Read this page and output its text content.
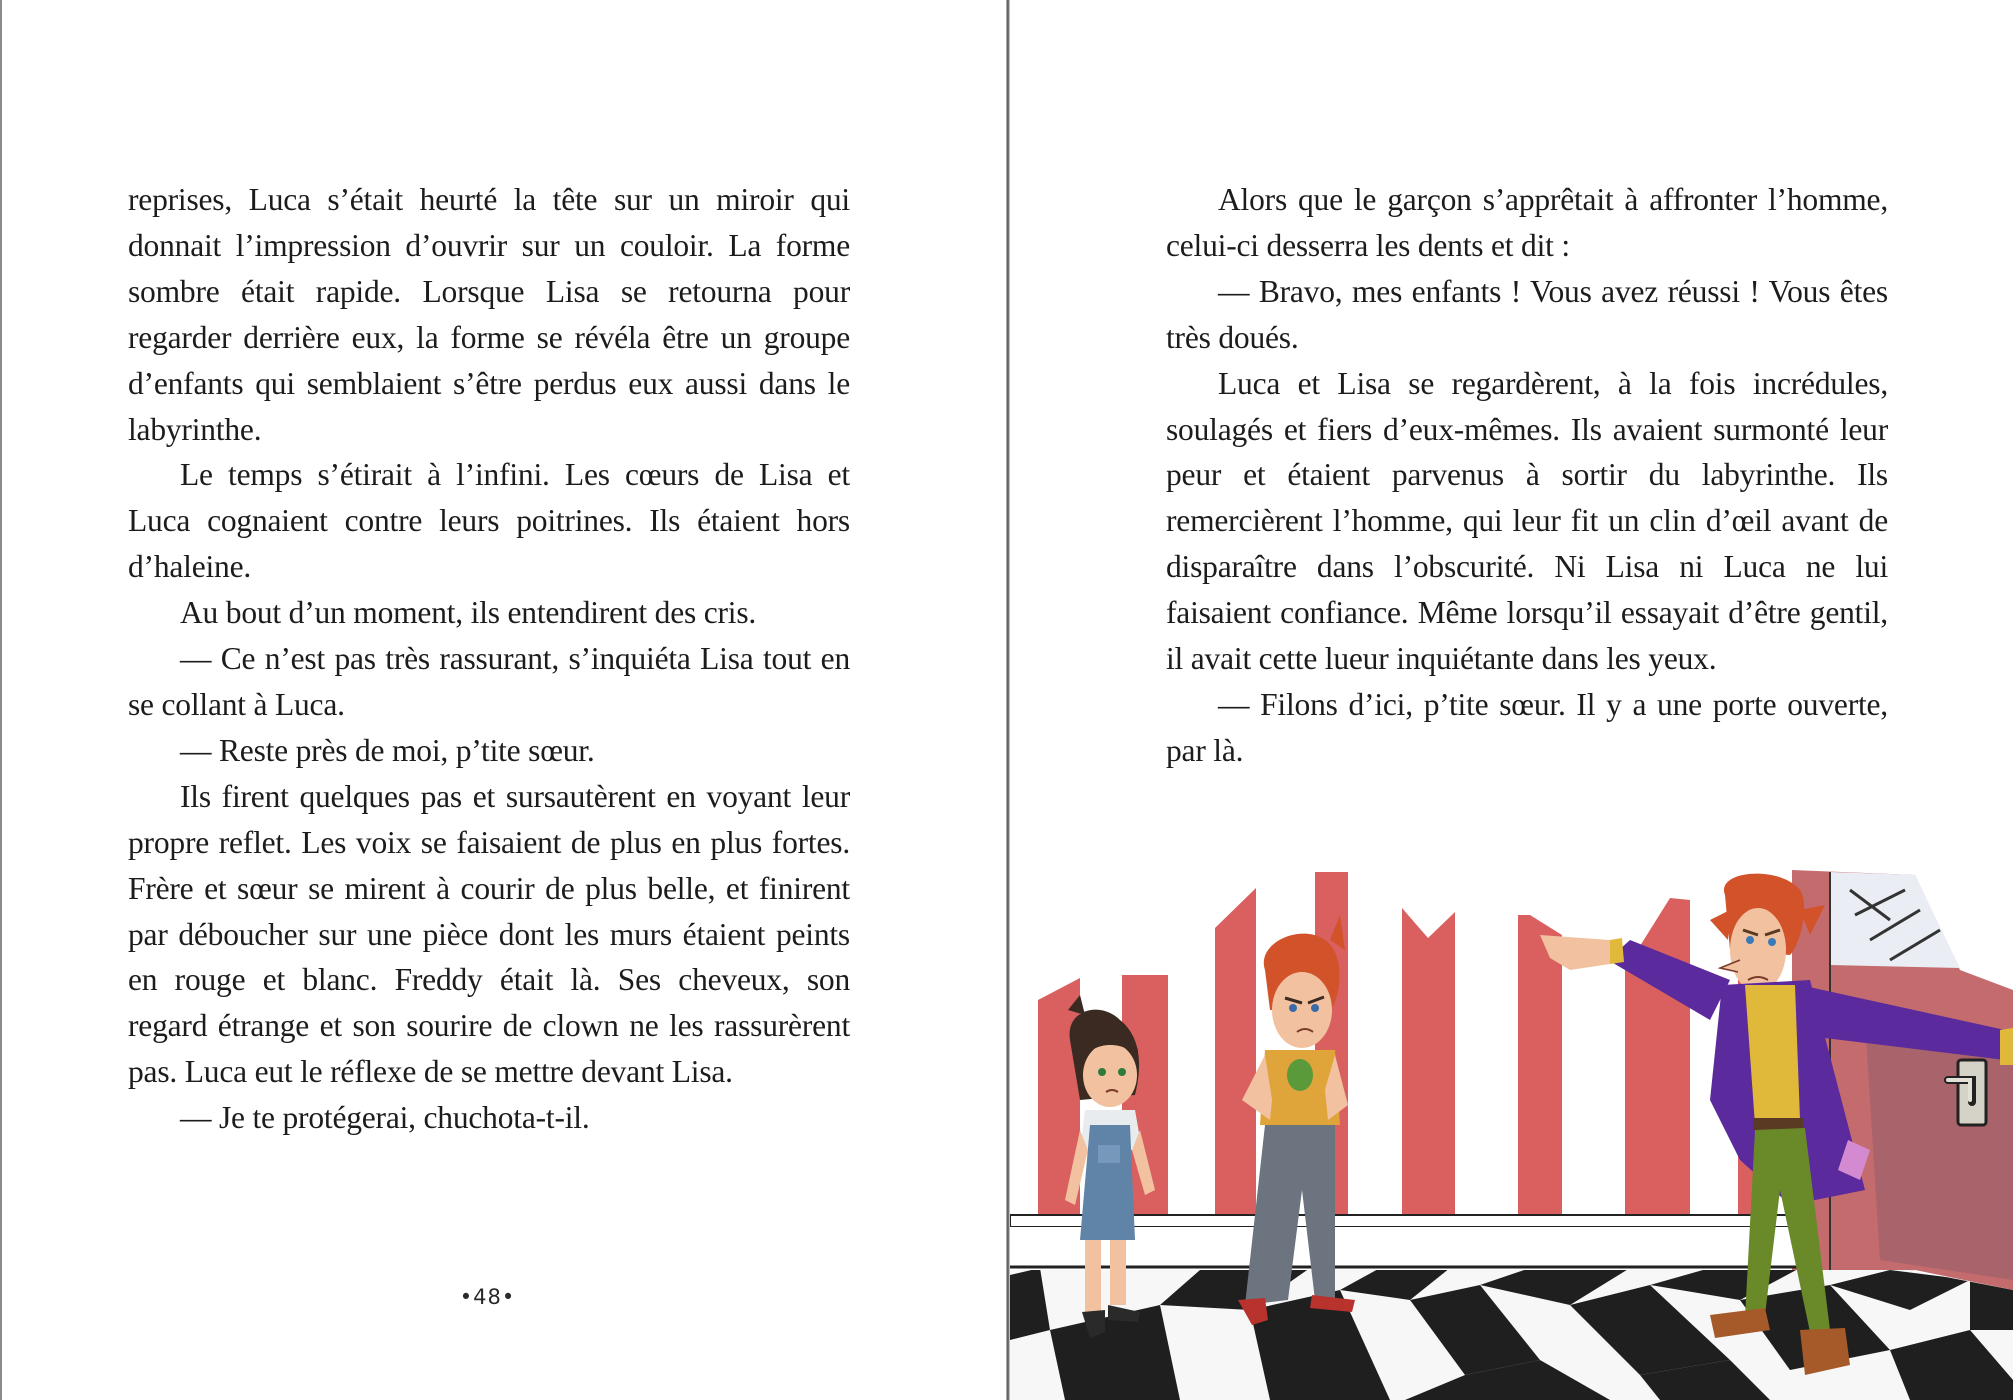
reprises, Luca s’était heurté la tête sur un miroir qui donnait l’impression d’ouvrir sur un couloir. La forme sombre était rapide. Lorsque Lisa se retourna pour regarder derrière eux, la forme se révéla être un groupe d’enfants qui semblaient s’être perdus eux aussi dans le labyrinthe.

Le temps s’étirait à l’infini. Les cœurs de Lisa et Luca cognaient contre leurs poitrines. Ils étaient hors d’haleine.

Au bout d’un moment, ils entendirent des cris.

— Ce n’est pas très rassurant, s’inquiéta Lisa tout en se collant à Luca.

— Reste près de moi, p’tite sœur.

Ils firent quelques pas et sursautèrent en voyant leur propre reflet. Les voix se faisaient de plus en plus fortes. Frère et sœur se mirent à courir de plus belle, et finirent par déboucher sur une pièce dont les murs étaient peints en rouge et blanc. Freddy était là. Ses cheveux, son regard étrange et son sourire de clown ne les rassurèrent pas. Luca eut le réflexe de se mettre devant Lisa.

— Je te protégerai, chuchota-t-il.

•48•

Alors que le garçon s’apprêtait à affronter l’homme, celui-ci desserra les dents et dit :

— Bravo, mes enfants ! Vous avez réussi ! Vous êtes très doués.

Luca et Lisa se regardèrent, à la fois incrédules, soulagés et fiers d’eux-mêmes. Ils avaient surmonté leur peur et étaient parvenus à sortir du labyrinthe. Ils remercièrent l’homme, qui leur fit un clin d’œil avant de disparaître dans l’obscurité. Ni Lisa ni Luca ne lui faisaient confiance. Même lorsqu’il essayait d’être gentil, il avait cette lueur inquiétante dans les yeux.

— Filons d’ici, p’tite sœur. Il y a une porte ouverte, par là.
